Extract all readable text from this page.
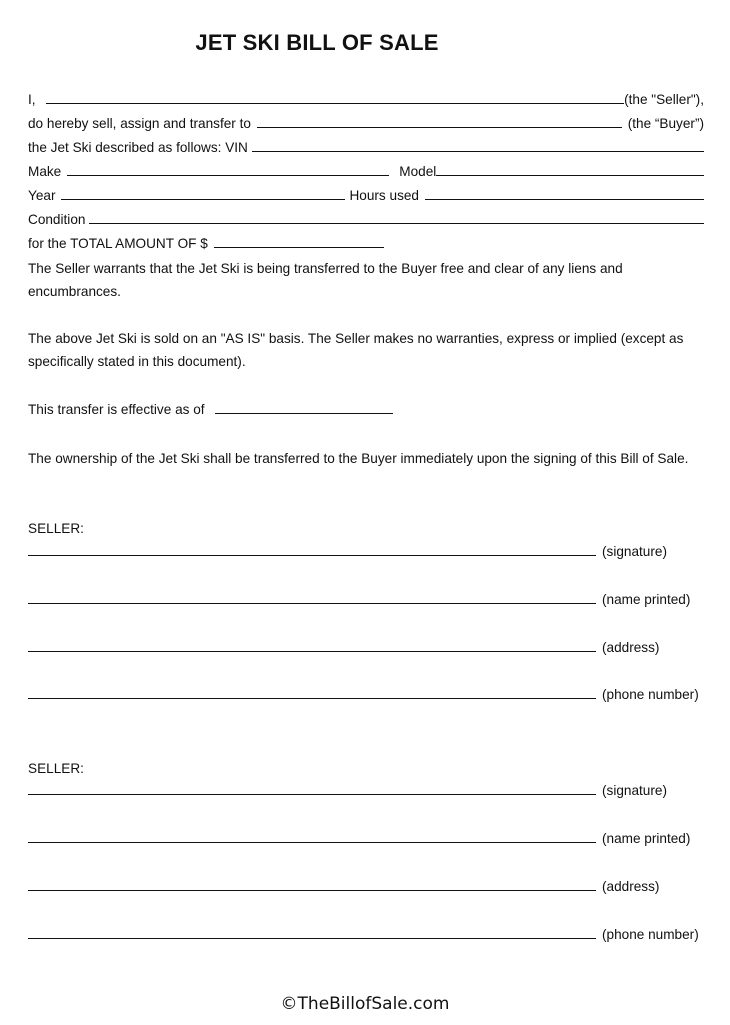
JET SKI BILL OF SALE
I,	(the "Seller"),
do hereby sell, assign and transfer to	(the “Buyer”)
the Jet Ski described as follows: VIN
Make	Model
Year	Hours used
Condition
for the TOTAL AMOUNT OF $
The Seller warrants that the Jet Ski is being transferred to the Buyer free and clear of any liens and encumbrances.
The above Jet Ski is sold on an "AS IS" basis. The Seller makes no warranties, express or implied (except as specifically stated in this document).
This transfer is effective as of
The ownership of the Jet Ski shall be transferred to the Buyer immediately upon the signing of this Bill of Sale.
SELLER:
(signature)
(name printed)
(address)
(phone number)
SELLER:
(signature)
(name printed)
(address)
(phone number)
©TheBillofSale.com
